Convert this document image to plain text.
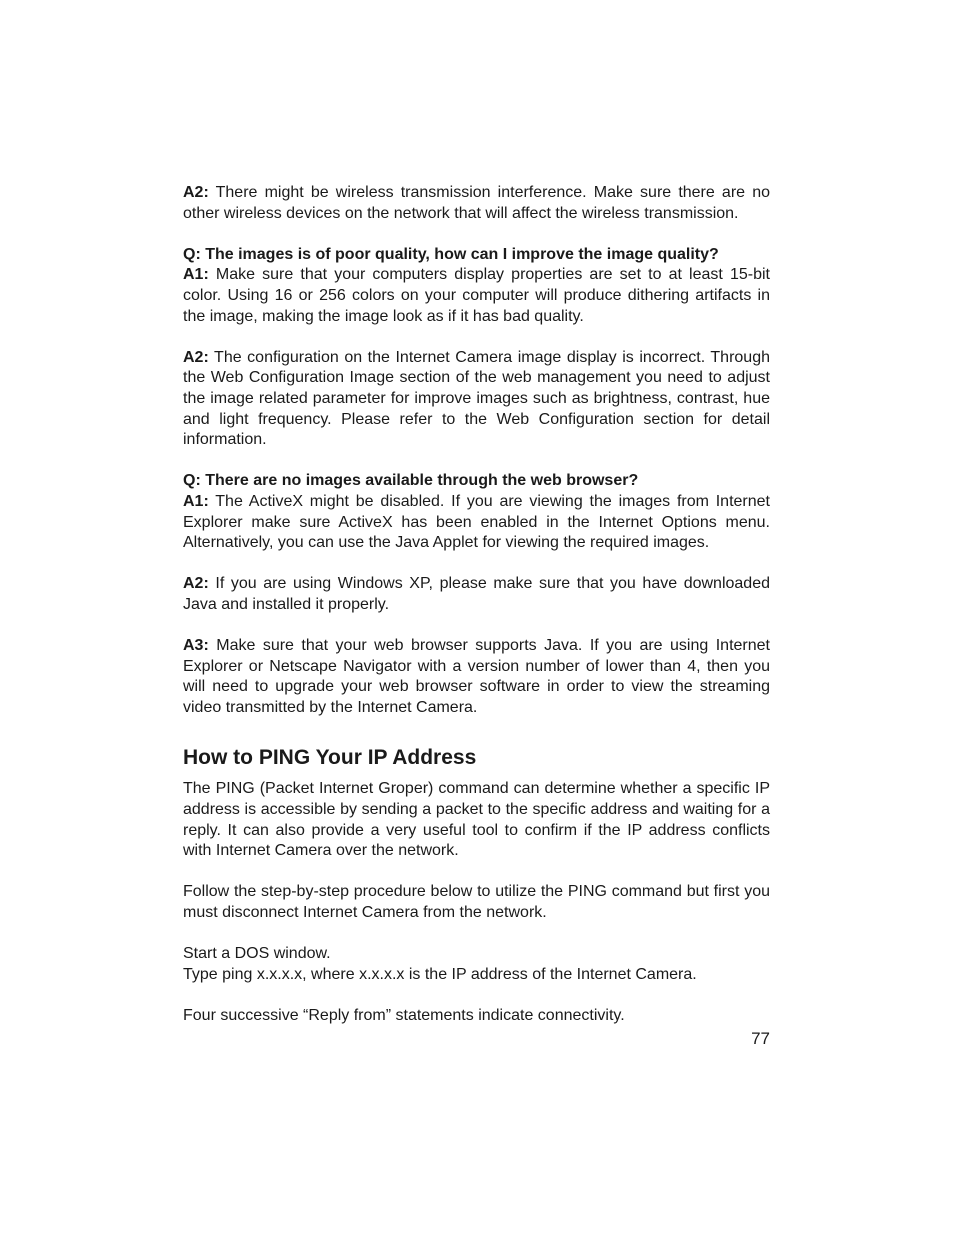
A2: There might be wireless transmission interference. Make sure there are no other wireless devices on the network that will affect the wireless transmission.

Q: The images is of poor quality, how can I improve the image quality?

A1: Make sure that your computers display properties are set to at least 15-bit color. Using 16 or 256 colors on your computer will produce dithering artifacts in the image, making the image look as if it has bad quality.

A2: The configuration on the Internet Camera image display is incorrect. Through the Web Configuration Image section of the web management you need to adjust the image related parameter for improve images such as brightness, contrast, hue and light frequency. Please refer to the Web Configuration section for detail information.

Q: There are no images available through the web browser?

A1: The ActiveX might be disabled. If you are viewing the images from Internet Explorer make sure ActiveX has been enabled in the Internet Options menu. Alternatively, you can use the Java Applet for viewing the required images.

A2: If you are using Windows XP, please make sure that you have downloaded Java and installed it properly.

A3: Make sure that your web browser supports Java. If you are using Internet Explorer or Netscape Navigator with a version number of lower than 4, then you will need to upgrade your web browser software in order to view the streaming video transmitted by the Internet Camera.

How to PING Your IP Address

The PING (Packet Internet Groper) command can determine whether a specific IP address is accessible by sending a packet to the specific address and waiting for a reply. It can also provide a very useful tool to confirm if the IP address conflicts with Internet Camera over the network.

Follow the step-by-step procedure below to utilize the PING command but first you must disconnect Internet Camera from the network.

Start a DOS window.

Type ping x.x.x.x, where x.x.x.x is the IP address of the Internet Camera.

Four successive “Reply from” statements indicate connectivity.

77
